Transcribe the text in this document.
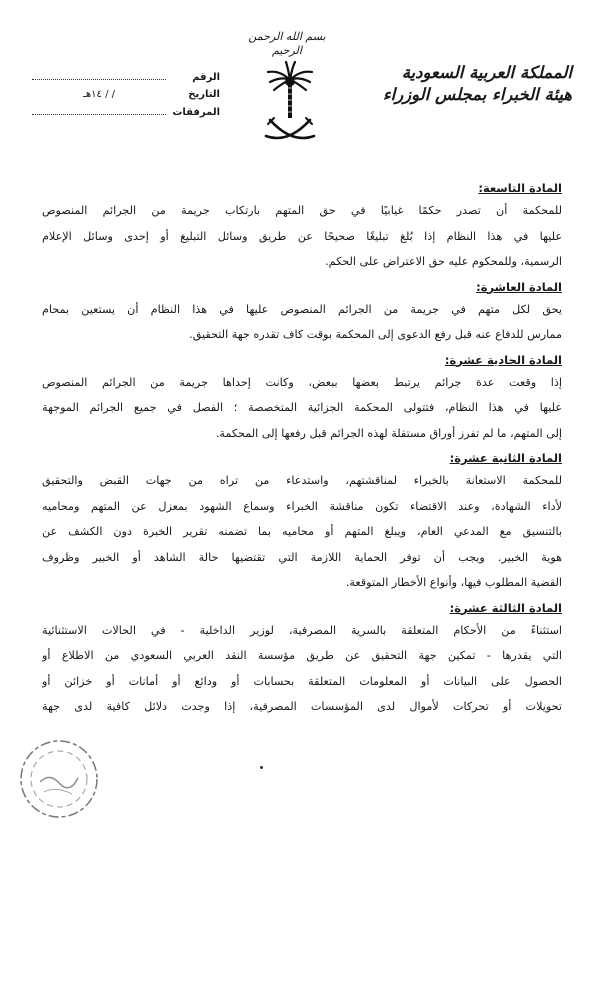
بسم الله الرحمن الرحيم
المملكة العربية السعودية
هيئة الخبراء بمجلس الوزراء
الرقم
التاريخ
/ / ١٤هـ
المرفقات
المادة التاسعة:
للمحكمة أن تصدر حكمًا غيابيًا في حق المتهم بارتكاب جريمة من الجرائم المنصوص
عليها في هذا النظام إذا بُلغ تبليغًا صحيحًا عن طريق وسائل التبليغ أو إحدى وسائل الإعلام
الرسمية، وللمحكوم عليه حق الاعتراض على الحكم.
المادة العاشرة:
يحق لكل متهم في جريمة من الجرائم المنصوص عليها في هذا النظام أن يستعين بمحام
ممارس للدفاع عنه قبل رفع الدعوى إلى المحكمة بوقت كاف تقدره جهة التحقيق.
المادة الحادية عشرة:
إذا وقعت عدة جرائم يرتبط بعضها ببعض، وكانت إحداها جريمة من الجرائم المنصوص
عليها في هذا النظام، فتتولى المحكمة الجزائية المتخصصة ؛ الفصل في جميع الجرائم الموجهة
إلى المتهم، ما لم تفرز أوراق مستقلة لهذه الجرائم قبل رفعها إلى المحكمة.
المادة الثانية عشرة:
للمحكمة الاستعانة بالخبراء لمناقشتهم، واستدعاء من تراه من جهات القبض والتحقيق
لأداء الشهادة، وعند الاقتضاء تكون مناقشة الخبراء وسماع الشهود بمعزل عن المتهم ومحاميه
بالتنسيق مع المدعي العام، ويبلغ المتهم أو محاميه بما تضمنه تقرير الخبرة دون الكشف عن
هوية الخبير. ويجب أن توفر الحماية اللازمة التي تقتضيها حالة الشاهد أو الخبير وظروف
القضية المطلوب فيها، وأنواع الأخطار المتوقعة.
المادة الثالثة عشرة:
استثناءً من الأحكام المتعلقة بالسرية المصرفية، لوزير الداخلية - في الحالات الاستثنائية
التي يقدرها - تمكين جهة التحقيق عن طريق مؤسسة النقد العربي السعودي من الاطلاع أو
الحصول على البيانات أو المعلومات المتعلقة بحسابات أو ودائع أو أمانات أو خزائن أو
تحويلات أو تحركات لأموال لدى المؤسسات المصرفية، إذا وجدت دلائل كافية لدى جهة
